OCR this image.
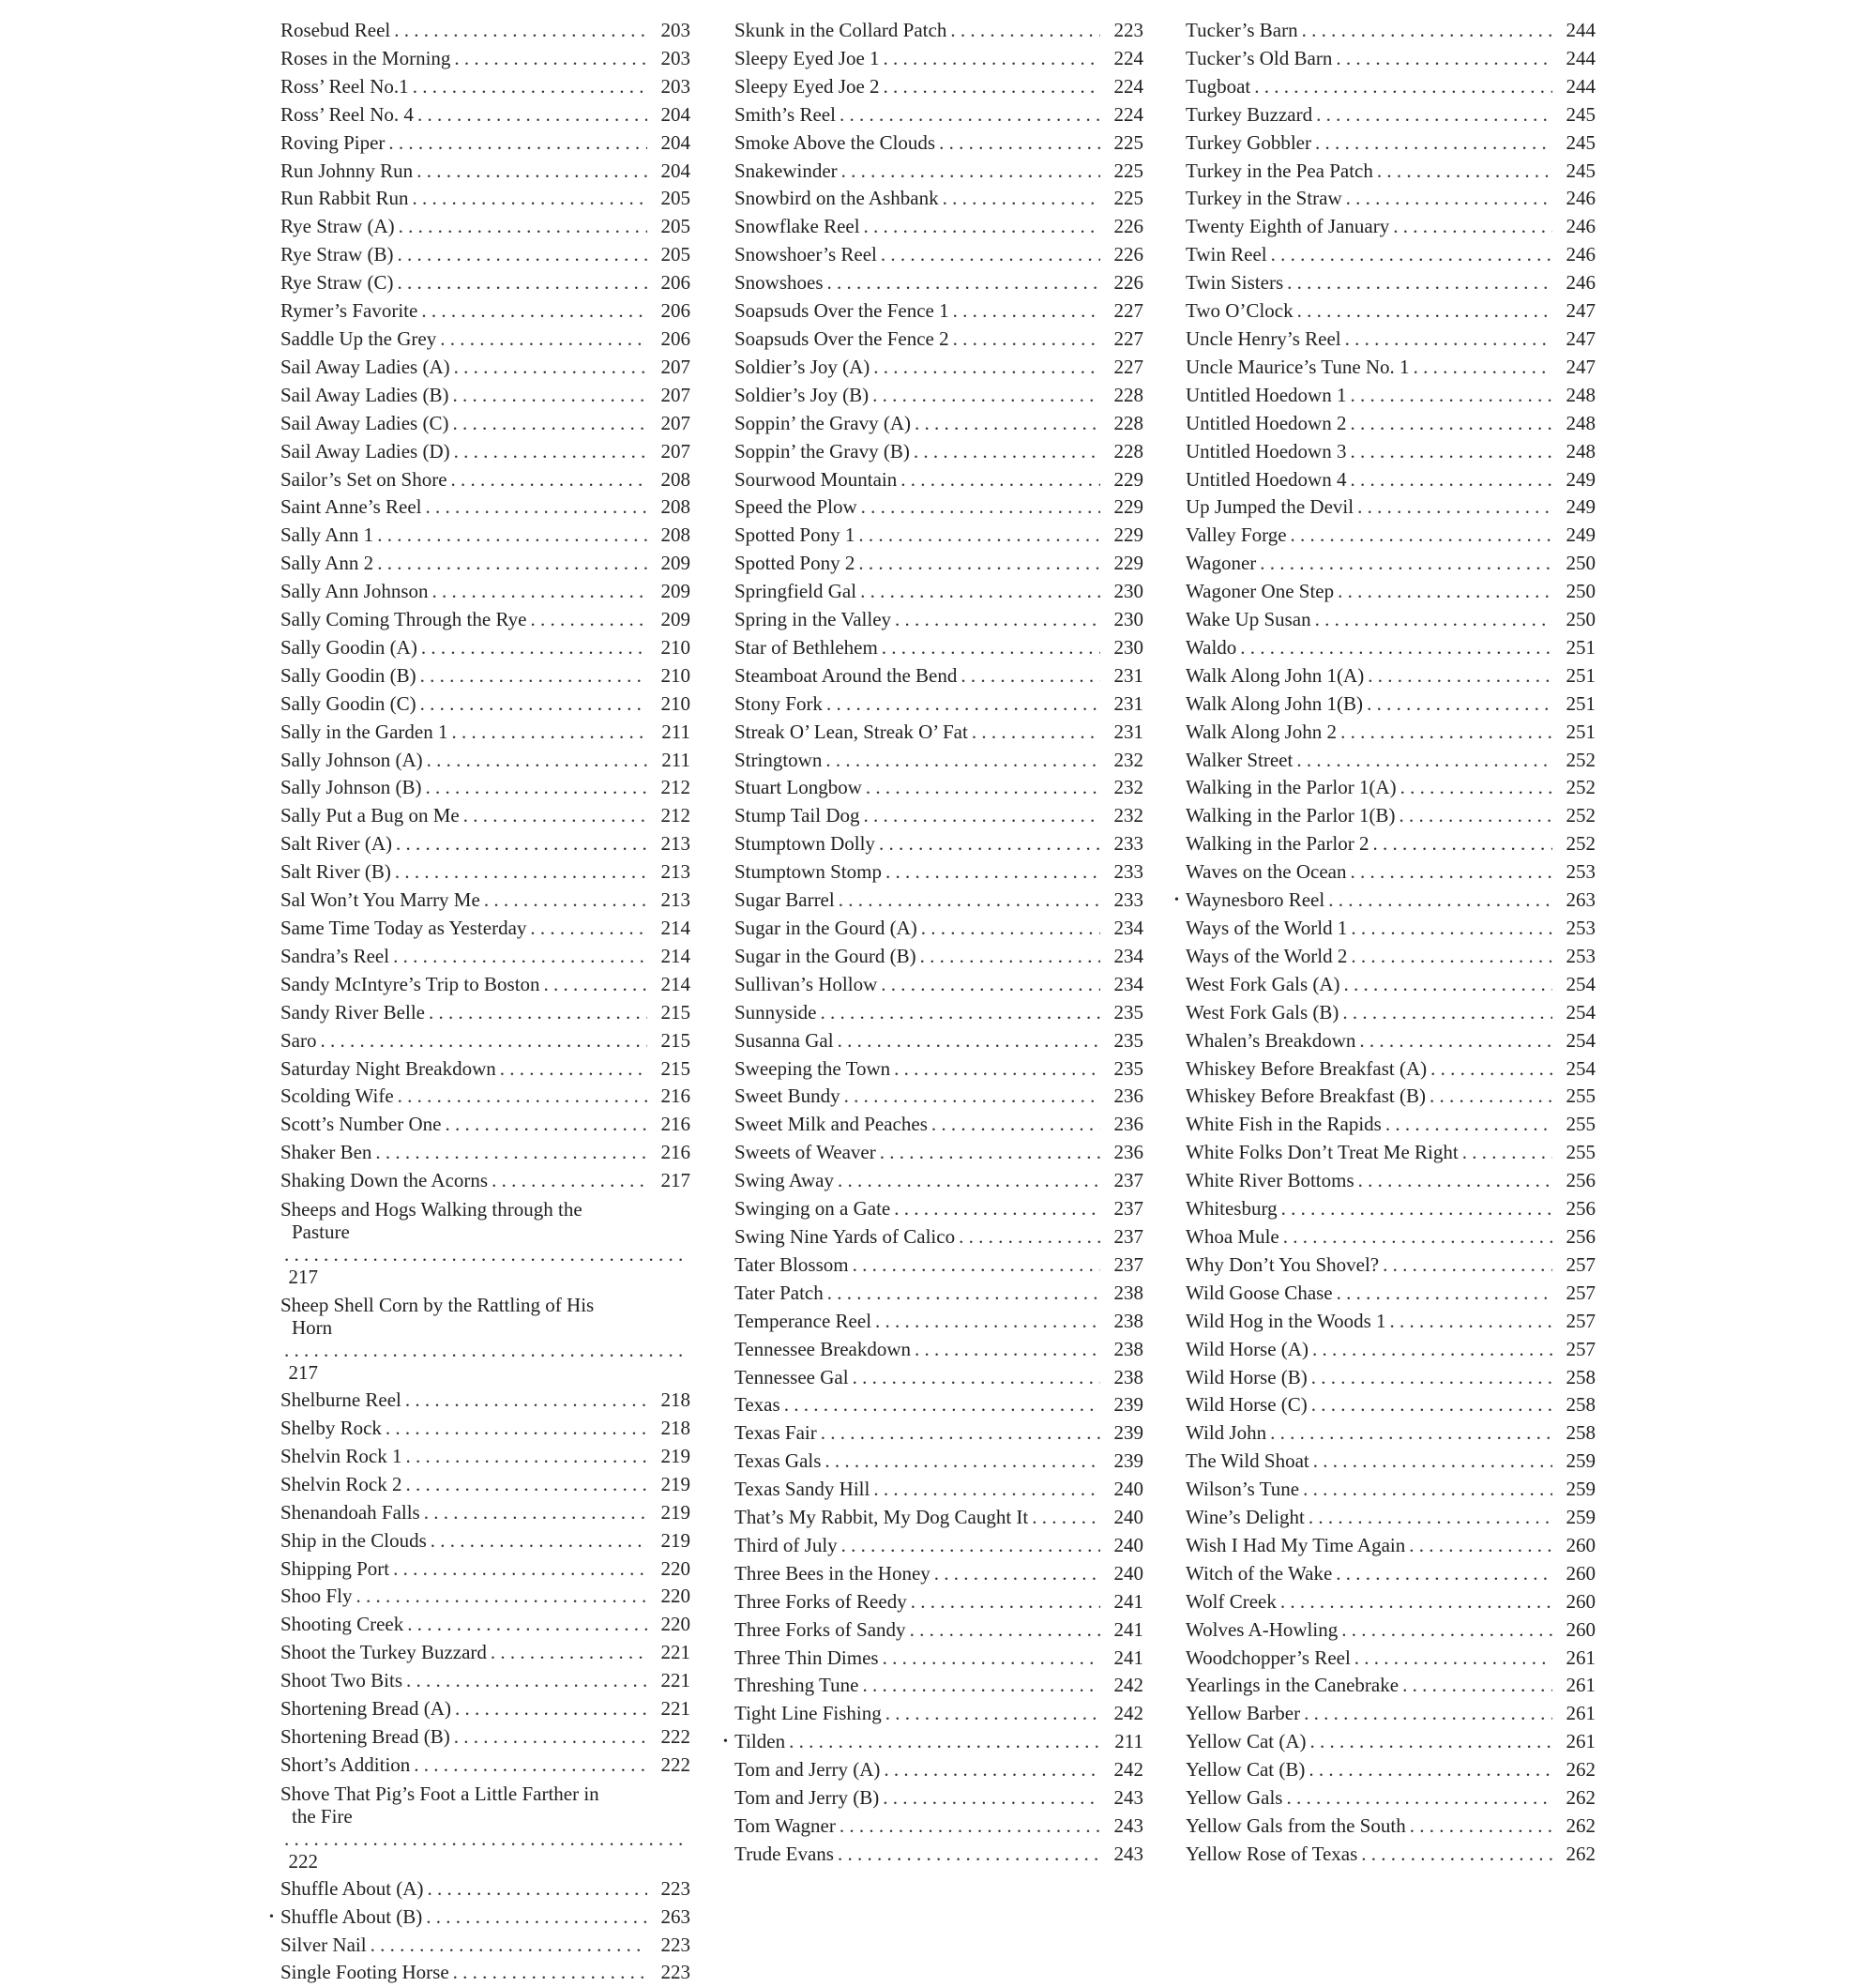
Rosebud Reel . . .	203
Roses in the Morning . . .	203
Ross’ Reel No.1 . . .	203
Ross’ Reel No. 4 . . .	204
Roving Piper . . .	204
Run Johnny Run . . .	204
Run Rabbit Run . . .	205
Rye Straw (A) . . .	205
Rye Straw (B) . . .	205
Rye Straw (C) . . .	206
Rymer’s Favorite . . .	206
Saddle Up the Grey . . .	206
Sail Away Ladies (A) . . .	207
Sail Away Ladies (B) . . .	207
Sail Away Ladies (C) . . .	207
Sail Away Ladies (D) . . .	207
Sailor’s Set on Shore . . .	208
Saint Anne’s Reel . . .	208
Sally Ann 1 . . .	208
Sally Ann 2 . . .	209
Sally Ann Johnson . . .	209
Sally Coming Through the Rye . . .	209
Sally Goodin (A) . . .	210
Sally Goodin (B) . . .	210
Sally Goodin (C) . . .	210
Sally in the Garden 1 . . .	211
Sally Johnson (A) . . .	211
Sally Johnson (B) . . .	212
Sally Put a Bug on Me . . .	212
Salt River (A) . . .	213
Salt River (B) . . .	213
Sal Won’t You Marry Me . . .	213
Same Time Today as Yesterday . . .	214
Sandra’s Reel . . .	214
Sandy McIntyre’s Trip to Boston . . .	214
Sandy River Belle . . .	215
Saro . . .	215
Saturday Night Breakdown . . .	215
Scolding Wife . . .	216
Scott’s Number One . . .	216
Shaker Ben . . .	216
Shaking Down the Acorns . . .	217
Sheeps and Hogs Walking through the
Pasture
. . .
217
Sheep Shell Corn by the Rattling of His
Horn
. . .
217
Shelburne Reel . . .	218
Shelby Rock . . .	218
Shelvin Rock 1 . . .	219
Shelvin Rock 2 . . .	219
Shenandoah Falls . . .	219
Ship in the Clouds . . .	219
Shipping Port . . .	220
Shoo Fly . . .	220
Shooting Creek . . .	220
Shoot the Turkey Buzzard . . .	221
Shoot Two Bits . . .	221
Shortening Bread (A) . . .	221
Shortening Bread (B) . . .	222
Short’s Addition . . .	222
Shove That Pig’s Foot a Little Farther in
the Fire
. . .
222
Shuffle About (A) . . .	223
• Shuffle About (B) . . .	263
Silver Nail . . .	223
Single Footing Horse . . .	223
Skunk in the Collard Patch . . .	223
Sleepy Eyed Joe 1 . . .	224
Sleepy Eyed Joe 2 . . .	224
Smith’s Reel . . .	224
Smoke Above the Clouds . . .	225
Snakewinder . . .	225
Snowbird on the Ashbank . . .	225
Snowflake Reel . . .	226
Snowshoer’s Reel . . .	226
Snowshoes . . .	226
Soapsuds Over the Fence 1 . . .	227
Soapsuds Over the Fence 2 . . .	227
Soldier’s Joy (A) . . .	227
Soldier’s Joy (B) . . .	228
Soppin’ the Gravy (A) . . .	228
Soppin’ the Gravy (B) . . .	228
Sourwood Mountain . . .	229
Speed the Plow . . .	229
Spotted Pony 1 . . .	229
Spotted Pony 2 . . .	229
Springfield Gal . . .	230
Spring in the Valley . . .	230
Star of Bethlehem . . .	230
Steamboat Around the Bend . . .	231
Stony Fork . . .	231
Streak O’ Lean, Streak O’ Fat . . .	231
Stringtown . . .	232
Stuart Longbow . . .	232
Stump Tail Dog . . .	232
Stumptown Dolly . . .	233
Stumptown Stomp . . .	233
Sugar Barrel . . .	233
Sugar in the Gourd (A) . . .	234
Sugar in the Gourd (B) . . .	234
Sullivan’s Hollow . . .	234
Sunnyside . . .	235
Susanna Gal . . .	235
Sweeping the Town . . .	235
Sweet Bundy . . .	236
Sweet Milk and Peaches . . .	236
Sweets of Weaver . . .	236
Swing Away . . .	237
Swinging on a Gate . . .	237
Swing Nine Yards of Calico . . .	237
Tater Blossom . . .	237
Tater Patch . . .	238
Temperance Reel . . .	238
Tennessee Breakdown . . .	238
Tennessee Gal . . .	238
Texas . . .	239
Texas Fair . . .	239
Texas Gals . . .	239
Texas Sandy Hill . . .	240
That’s My Rabbit, My Dog Caught It . . .	240
Third of July . . .	240
Three Bees in the Honey . . .	240
Three Forks of Reedy . . .	241
Three Forks of Sandy . . .	241
Three Thin Dimes . . .	241
Threshing Tune . . .	242
Tight Line Fishing . . .	242
• Tilden . . .	211
Tom and Jerry (A) . . .	242
Tom and Jerry (B) . . .	243
Tom Wagner . . .	243
Trude Evans . . .	243
Tucker’s Barn . . .	244
Tucker’s Old Barn . . .	244
Tugboat . . .	244
Turkey Buzzard . . .	245
Turkey Gobbler . . .	245
Turkey in the Pea Patch . . .	245
Turkey in the Straw . . .	246
Twenty Eighth of January . . .	246
Twin Reel . . .	246
Twin Sisters . . .	246
Two O’Clock . . .	247
Uncle Henry’s Reel . . .	247
Uncle Maurice’s Tune No. 1 . . .	247
Untitled Hoedown 1 . . .	248
Untitled Hoedown 2 . . .	248
Untitled Hoedown 3 . . .	248
Untitled Hoedown 4 . . .	249
Up Jumped the Devil . . .	249
Valley Forge . . .	249
Wagoner . . .	250
Wagoner One Step . . .	250
Wake Up Susan . . .	250
Waldo . . .	251
Walk Along John 1(A) . . .	251
Walk Along John 1(B) . . .	251
Walk Along John 2 . . .	251
Walker Street . . .	252
Walking in the Parlor 1(A) . . .	252
Walking in the Parlor 1(B) . . .	252
Walking in the Parlor 2 . . .	252
Waves on the Ocean . . .	253
• Waynesboro Reel . . .	263
Ways of the World 1 . . .	253
Ways of the World 2 . . .	253
West Fork Gals (A) . . .	254
West Fork Gals (B) . . .	254
Whalen’s Breakdown . . .	254
Whiskey Before Breakfast (A) . . .	254
Whiskey Before Breakfast (B) . . .	255
White Fish in the Rapids . . .	255
White Folks Don’t Treat Me Right . . .	255
White River Bottoms . . .	256
Whitesburg . . .	256
Whoa Mule . . .	256
Why Don’t You Shovel? . . .	257
Wild Goose Chase . . .	257
Wild Hog in the Woods 1 . . .	257
Wild Horse (A) . . .	257
Wild Horse (B) . . .	258
Wild Horse (C) . . .	258
Wild John . . .	258
The Wild Shoat . . .	259
Wilson’s Tune . . .	259
Wine’s Delight . . .	259
Wish I Had My Time Again . . .	260
Witch of the Wake . . .	260
Wolf Creek . . .	260
Wolves A-Howling . . .	260
Woodchopper’s Reel . . .	261
Yearlings in the Canebrake . . .	261
Yellow Barber . . .	261
Yellow Cat (A) . . .	261
Yellow Cat (B) . . .	262
Yellow Gals . . .	262
Yellow Gals from the South . . .	262
Yellow Rose of Texas . . .	262
